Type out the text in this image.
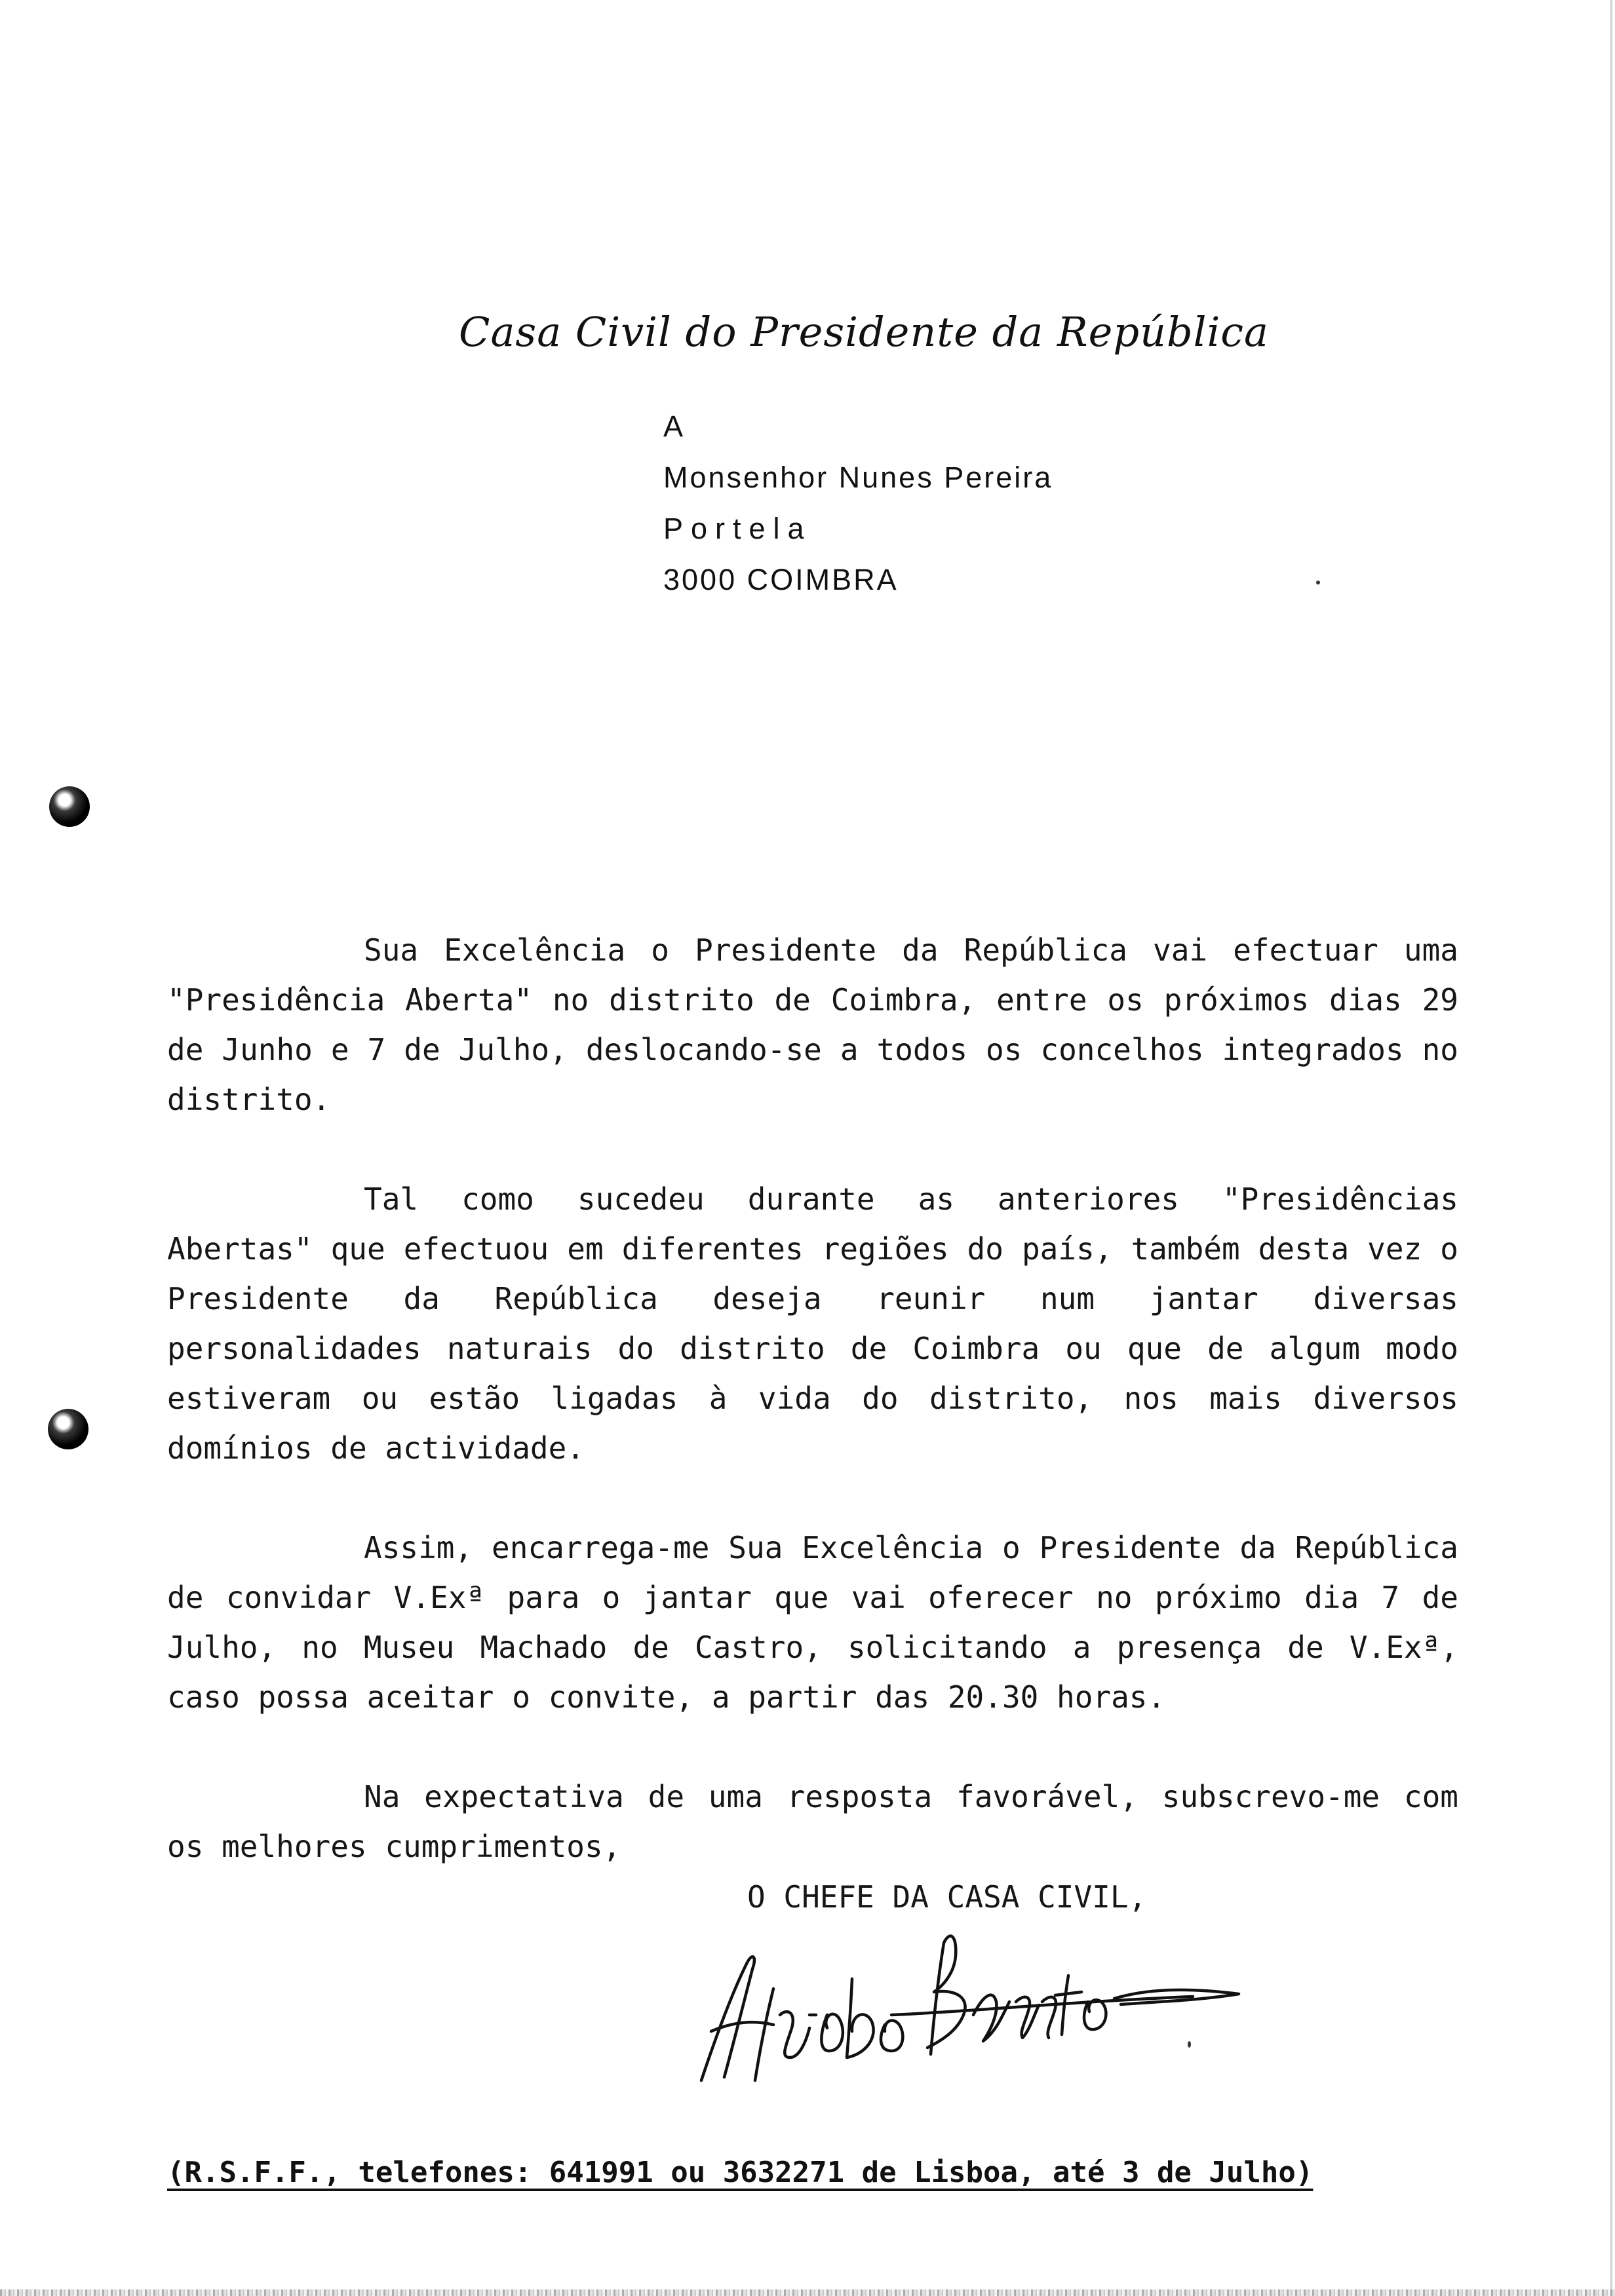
Casa Civil do Presidente da República
A
Monsenhor Nunes Pereira
Portela
3000 COIMBRA

Sua Excelência o Presidente da República vai efectuar uma "Presidência Aberta" no distrito de Coimbra, entre os próximos dias 29 de Junho e 7 de Julho, deslocando-se a todos os concelhos integrados no distrito.

Tal como sucedeu durante as anteriores "Presidências Abertas" que efectuou em diferentes regiões do país, também desta vez o Presidente da República deseja reunir num jantar diversas personalidades naturais do distrito de Coimbra ou que de algum modo estiveram ou estão ligadas à vida do distrito, nos mais diversos domínios de actividade.

Assim, encarrega-me Sua Excelência o Presidente da República de convidar V.Exª para o jantar que vai oferecer no próximo dia 7 de Julho, no Museu Machado de Castro, solicitando a presença de V.Exª, caso possa aceitar o convite, a partir das 20.30 horas.

Na expectativa de uma resposta favorável, subscrevo-me com os melhores cumprimentos,

O CHEFE DA CASA CIVIL,
(R.S.F.F., telefones: 641991 ou 3632271 de Lisboa, até 3 de Julho)
